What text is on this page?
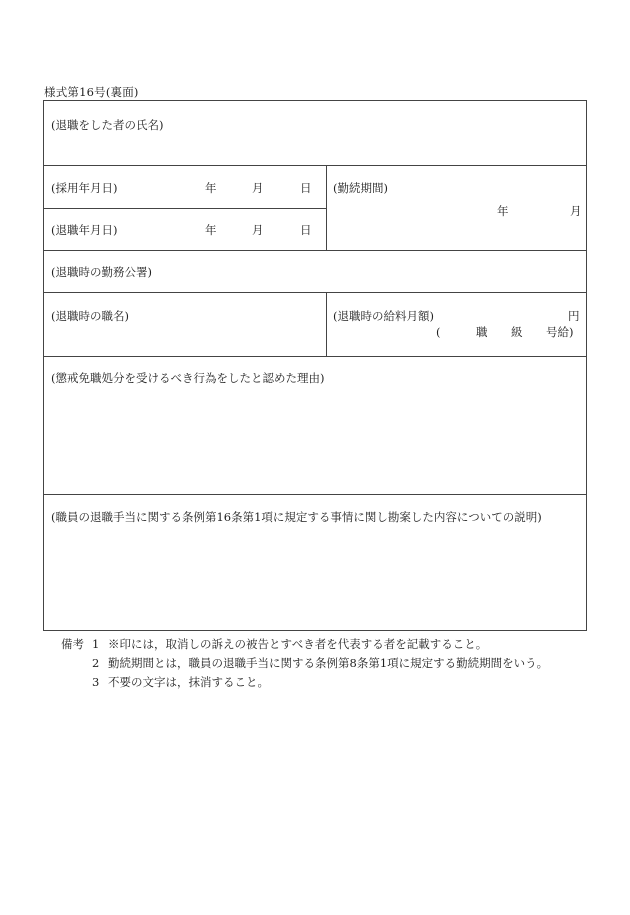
様式第16号(裏面)
(退職をした者の氏名)
(採用年月日)	年	月	日 (勤続期間)
年	月
(退職年月日)	年	月	日
(退職時の勤務公署)
(退職時の職名)	(退職時の給料月額)	円
(	職 級 号給)
(懲戒免職処分を受けるべき行為をしたと認めた理由)
(職員の退職手当に関する条例第16条第1項に規定する事情に関し勘案した内容についての説明)
備考 1 ※印には，取消しの訴えの被告とすべき者を代表する者を記載すること。
2 勤続期間とは，職員の退職手当に関する条例第8条第1項に規定する勤続期間をいう。
3 不要の文字は，抹消すること。
